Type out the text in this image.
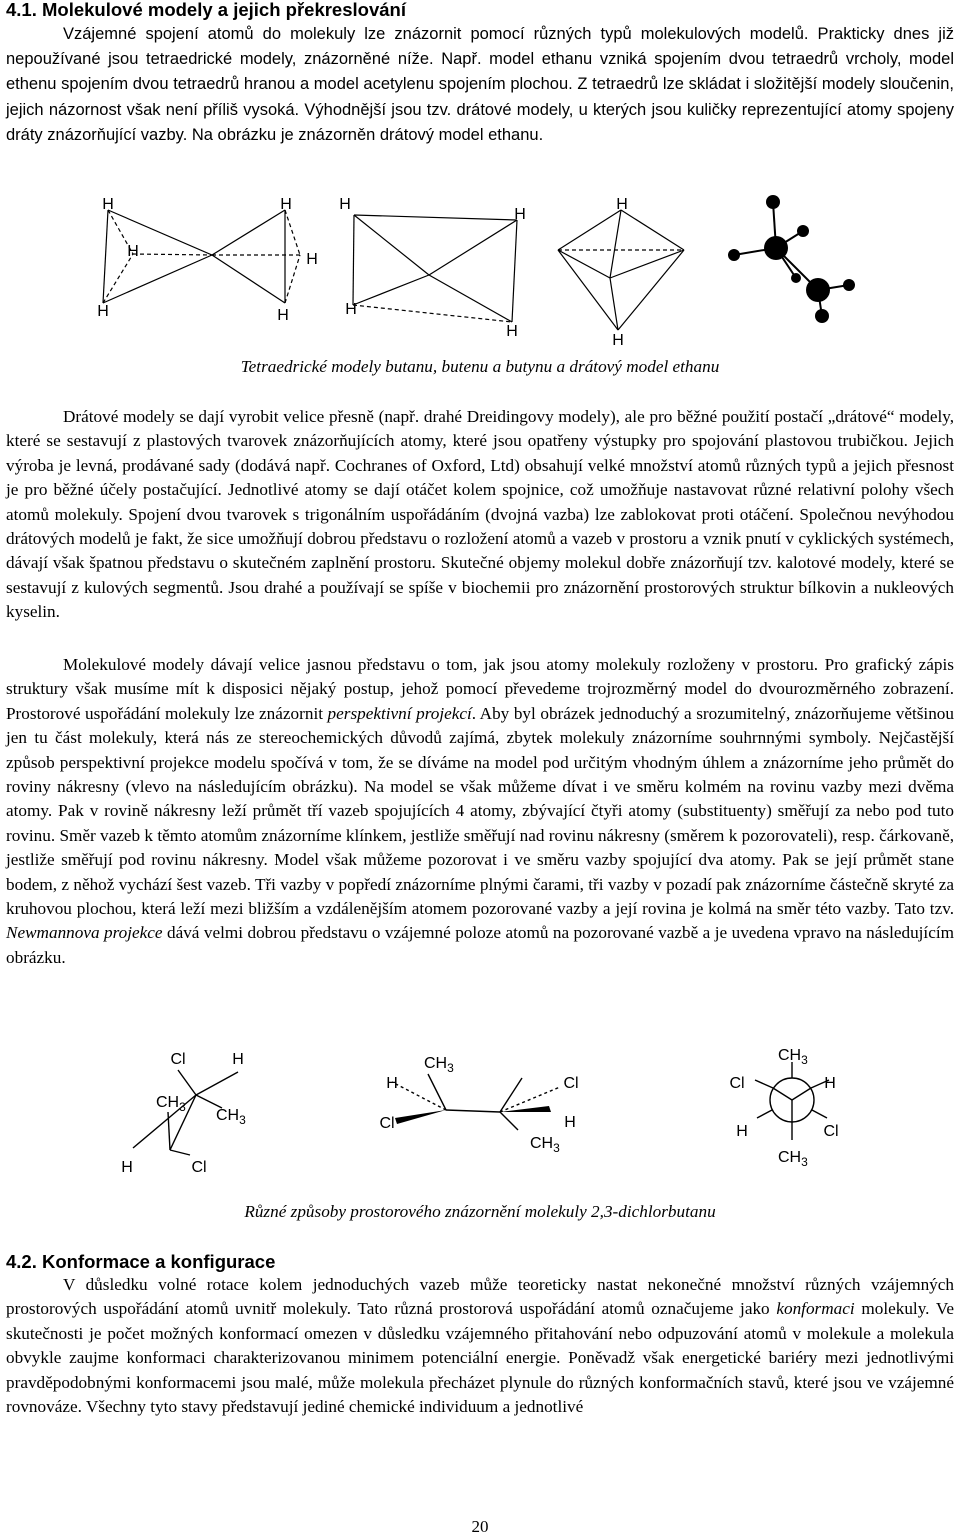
4.1. Molekulové modely a jejich překreslování

Vzájemné spojení atomů do molekuly lze znázornit pomocí různých typů molekulových modelů. Prakticky dnes již nepoužívané jsou tetraedrické modely, znázorněné níže. Např. model ethanu vzniká spojením dvou tetraedrů vrcholy, model ethenu spojením dvou tetraedrů hranou a model acetylenu spojením plochou. Z tetraedrů lze skládat i složitější modely sloučenin, jejich názornost však není příliš vysoká. Výhodnější jsou tzv. drátové modely, u kterých jsou kuličky reprezentující atomy spojeny dráty znázorňující vazby. Na obrázku je znázorněn drátový model ethanu.

H	H	H
H
H
H	H
H	H	H
H
H

Tetraedrické modely butanu, butenu a butynu a drátový model ethanu

Drátové modely se dají vyrobit velice přesně (např. drahé Dreidingovy modely), ale pro běžné použití postačí „drátové“ modely, které se sestavují z plastových tvarovek znázorňujících atomy, které jsou opatřeny výstupky pro spojování plastovou trubičkou. Jejich výroba je levná, prodávané sady (dodává např. Cochranes of Oxford, Ltd) obsahují velké množství atomů různých typů a jejich přesnost je pro běžné účely postačující. Jednotlivé atomy se dají otáčet kolem spojnice, což umožňuje nastavovat různé relativní polohy všech atomů molekuly. Spojení dvou tvarovek s trigonálním uspořádáním (dvojná vazba) lze zablokovat proti otáčení. Společnou nevýhodou drátových modelů je fakt, že sice umožňují dobrou představu o rozložení atomů a vazeb v prostoru a vznik pnutí v cyklických systémech, dávají však špatnou představu o skutečném zaplnění prostoru. Skutečné objemy molekul dobře znázorňují tzv. kalotové modely, které se sestavují z kulových segmentů. Jsou drahé a používají se spíše v biochemii pro znázornění prostorových struktur bílkovin a nukleových kyselin.

Molekulové modely dávají velice jasnou představu o tom, jak jsou atomy molekuly rozloženy v prostoru. Pro grafický zápis struktury však musíme mít k disposici nějaký postup, jehož pomocí převedeme trojrozměrný model do dvourozměrného zobrazení. Prostorové uspořádání molekuly lze znázornit perspektivní projekcí. Aby byl obrázek jednoduchý a srozumitelný, znázorňujeme většinou jen tu část molekuly, která nás ze stereochemických důvodů zajímá, zbytek molekuly znázorníme souhrnnými symboly. Nejčastější způsob perspektivní projekce modelu spočívá v tom, že se díváme na model pod určitým vhodným úhlem a znázorníme jeho průmět do roviny nákresny (vlevo na následujícím obrázku). Na model se však můžeme dívat i ve směru kolmém na rovinu vazby mezi dvěma atomy. Pak v rovině nákresny leží průmět tří vazeb spojujících 4 atomy, zbývající čtyři atomy (substituenty) směřují za nebo pod tuto rovinu. Směr vazeb k těmto atomům znázorníme klínkem, jestliže směřují nad rovinu nákresny (směrem k pozorovateli), resp. čárkovaně, jestliže směřují pod rovinu nákresny. Model však můžeme pozorovat i ve směru vazby spojující dva atomy. Pak se její průmět stane bodem, z něhož vychází šest vazeb. Tři vazby v popředí znázorníme plnými čarami, tři vazby v pozadí pak znázorníme částečně skryté za kruhovou plochou, která leží mezi bližším a vzdálenějším atomem pozorované vazby a její rovina je kolmá na směr této vazby. Tato tzv. Newmannova projekce dává velmi dobrou představu o vzájemné poloze atomů na pozorované vazbě a je uvedena vpravo na následujícím obrázku.

Cl	H
$CH_3$ $CH_3$
H	Cl
$CH_3$
H	Cl
Cl	H
$CH_3$
$CH_3$
Cl	H
H	Cl
$CH_3$

Různé způsoby prostorového znázornění molekuly 2,3-dichlorbutanu

4.2. Konformace a konfigurace

V důsledku volné rotace kolem jednoduchých vazeb může teoreticky nastat nekonečné množství různých vzájemných prostorových uspořádání atomů uvnitř molekuly. Tato různá prostorová uspořádání atomů označujeme jako konformaci molekuly. Ve skutečnosti je počet možných konformací omezen v důsledku vzájemného přitahování nebo odpuzování atomů v molekule a molekula obvykle zaujme konformaci charakterizovanou minimem potenciální energie. Poněvadž však energetické bariéry mezi jednotlivými pravděpodobnými konformacemi jsou malé, může molekula přecházet plynule do různých konformačních stavů, které jsou ve vzájemné rovnováze. Všechny tyto stavy představují jediné chemické individuum a jednotlivé

20
